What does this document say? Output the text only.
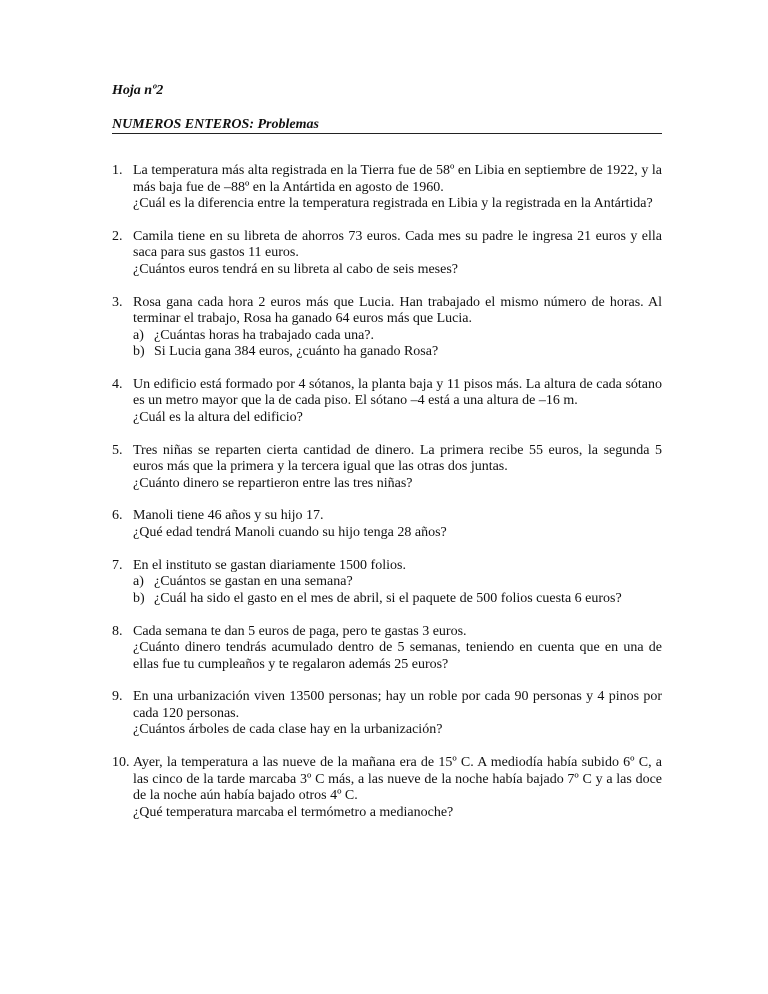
Hoja nº2

NUMEROS ENTEROS: Problemas

1. La temperatura más alta registrada en la Tierra fue de 58º en Libia en septiembre de 1922, y la más baja fue de –88º en la Antártida en agosto de 1960.
¿Cuál es la diferencia entre la temperatura registrada en Libia y la registrada en la Antártida?
2. Camila tiene en su libreta de ahorros 73 euros. Cada mes su padre le ingresa 21 euros y ella saca para sus gastos 11 euros.
¿Cuántos euros tendrá en su libreta al cabo de seis meses?
3. Rosa gana cada hora 2 euros más que Lucia. Han trabajado el mismo número de horas. Al terminar el trabajo, Rosa ha ganado 64 euros más que Lucia.
a) ¿Cuántas horas ha trabajado cada una?.
b) Si Lucia gana 384 euros, ¿cuánto ha ganado Rosa?
4. Un edificio está formado por 4 sótanos, la planta baja y 11 pisos más. La altura de cada sótano es un metro mayor que la de cada piso. El sótano –4 está a una altura de –16 m.
¿Cuál es la altura del edificio?
5. Tres niñas se reparten cierta cantidad de dinero. La primera recibe 55 euros, la segunda 5 euros más que la primera y la tercera igual que las otras dos juntas.
¿Cuánto dinero se repartieron entre las tres niñas?
6. Manoli tiene 46 años y su hijo 17.
¿Qué edad tendrá Manoli cuando su hijo tenga 28 años?
7. En el instituto se gastan diariamente 1500 folios.
a) ¿Cuántos se gastan en una semana?
b) ¿Cuál ha sido el gasto en el mes de abril, si el paquete de 500 folios cuesta 6 euros?
8. Cada semana te dan 5 euros de paga, pero te gastas 3 euros.
¿Cuánto dinero tendrás acumulado dentro de 5 semanas, teniendo en cuenta que en una de ellas fue tu cumpleaños y te regalaron además 25 euros?
9. En una urbanización viven 13500 personas; hay un roble por cada 90 personas y 4 pinos por cada 120 personas.
¿Cuántos árboles de cada clase hay en la urbanización?
10. Ayer, la temperatura a las nueve de la mañana era de 15º C. A mediodía había subido 6º C, a las cinco de la tarde marcaba 3º C más, a las nueve de la noche había bajado 7º C y a las doce de la noche aún había bajado otros 4º C.
¿Qué temperatura marcaba el termómetro a medianoche?
